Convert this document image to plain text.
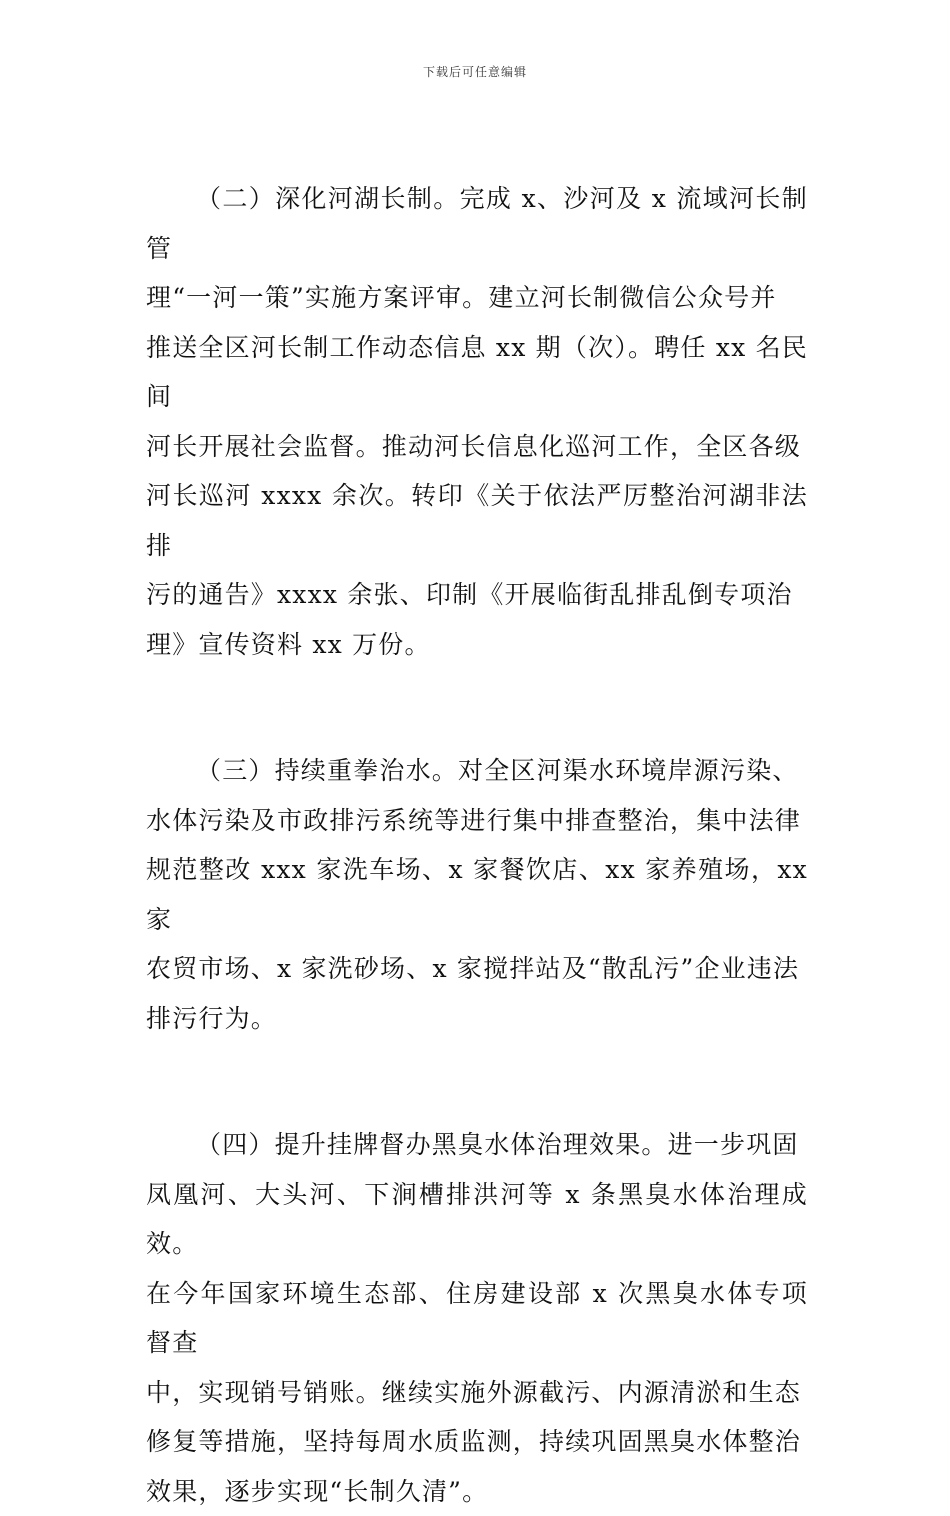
下载后可任意编辑

（二）深化河湖长制。完成 x、沙河及 x 流域河长制管
理“一河一策”实施方案评审。建立河长制微信公众号并
推送全区河长制工作动态信息 xx 期（次）。聘任 xx 名民间
河长开展社会监督。推动河长信息化巡河工作，全区各级
河长巡河 xxxx 余次。转印《关于依法严厉整治河湖非法排
污的通告》xxxx 余张、印制《开展临街乱排乱倒专项治
理》宣传资料 xx 万份。

（三）持续重拳治水。对全区河渠水环境岸源污染、
水体污染及市政排污系统等进行集中排查整治，集中法律
规范整改 xxx 家洗车场、x 家餐饮店、xx 家养殖场，xx 家
农贸市场、x 家洗砂场、x 家搅拌站及“散乱污”企业违法
排污行为。

（四）提升挂牌督办黑臭水体治理效果。进一步巩固
凤凰河、大头河、下涧槽排洪河等 x 条黑臭水体治理成效。
在今年国家环境生态部、住房建设部 x 次黑臭水体专项督查
中，实现销号销账。继续实施外源截污、内源清淤和生态
修复等措施，坚持每周水质监测，持续巩固黑臭水体整治
效果，逐步实现“长制久清”。
